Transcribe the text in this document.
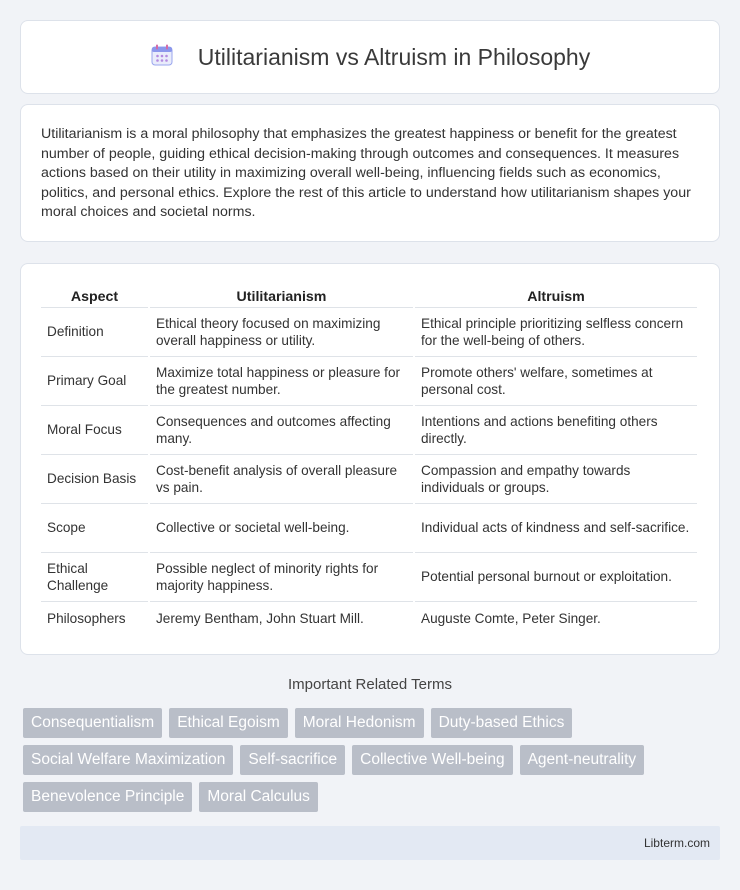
Utilitarianism vs Altruism in Philosophy

Utilitarianism is a moral philosophy that emphasizes the greatest happiness or benefit for the greatest number of people, guiding ethical decision-making through outcomes and consequences. It measures actions based on their utility in maximizing overall well-being, influencing fields such as economics, politics, and personal ethics. Explore the rest of this article to understand how utilitarianism shapes your moral choices and societal norms.

Aspect	Utilitarianism	Altruism
Definition	Ethical theory focused on maximizing overall happiness or utility.	Ethical principle prioritizing selfless concern for the well-being of others.
Primary Goal	Maximize total happiness or pleasure for the greatest number.	Promote others' welfare, sometimes at personal cost.
Moral Focus	Consequences and outcomes affecting many.	Intentions and actions benefiting others directly.
Decision Basis	Cost-benefit analysis of overall pleasure vs pain.	Compassion and empathy towards individuals or groups.
Scope	Collective or societal well-being.	Individual acts of kindness and self-sacrifice.
Ethical Challenge	Possible neglect of minority rights for majority happiness.	Potential personal burnout or exploitation.
Philosophers	Jeremy Bentham, John Stuart Mill.	Auguste Comte, Peter Singer.
Important Related Terms
Consequentialism	Ethical Egoism	Moral Hedonism	Duty-based Ethics
Social Welfare Maximization	Self-sacrifice	Collective Well-being	Agent-neutrality
Benevolence Principle	Moral Calculus
Libterm.com
